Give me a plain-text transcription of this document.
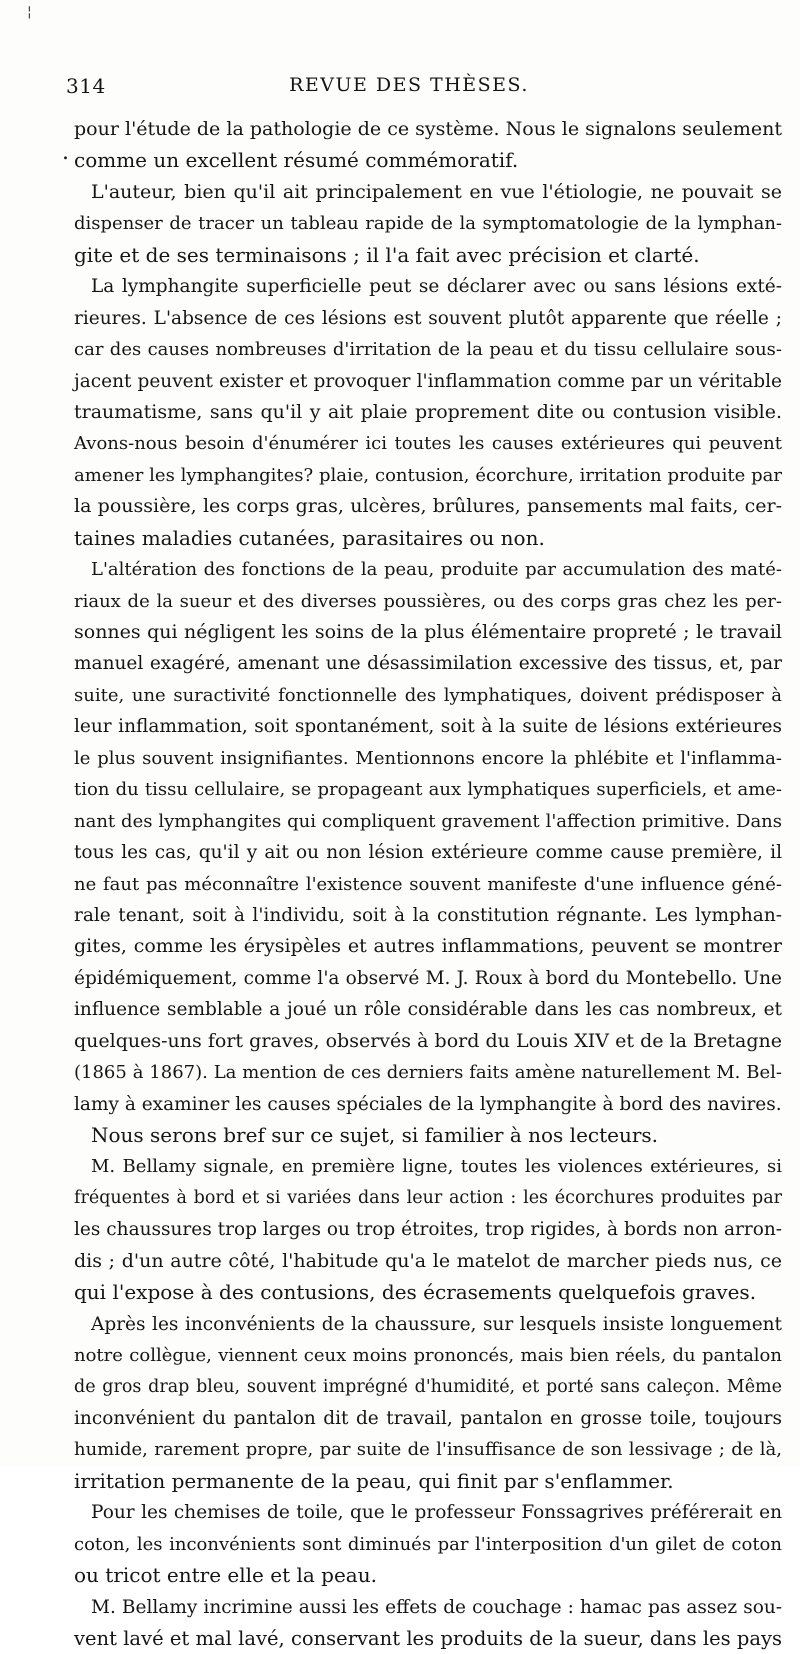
¦
314	REVUE DES THÈSES.
.
pour l'étude de la pathologie de ce système. Nous le signalons seulement
comme un excellent résumé commémoratif.
L'auteur, bien qu'il ait principalement en vue l'étiologie, ne pouvait se
dispenser de tracer un tableau rapide de la symptomatologie de la lymphan-
gite et de ses terminaisons ; il l'a fait avec précision et clarté.
La lymphangite superficielle peut se déclarer avec ou sans lésions exté-
rieures. L'absence de ces lésions est souvent plutôt apparente que réelle ;
car des causes nombreuses d'irritation de la peau et du tissu cellulaire sous-
jacent peuvent exister et provoquer l'inflammation comme par un véritable
traumatisme, sans qu'il y ait plaie proprement dite ou contusion visible.
Avons-nous besoin d'énumérer ici toutes les causes extérieures qui peuvent
amener les lymphangites? plaie, contusion, écorchure, irritation produite par
la poussière, les corps gras, ulcères, brûlures, pansements mal faits, cer-
taines maladies cutanées, parasitaires ou non.
L'altération des fonctions de la peau, produite par accumulation des maté-
riaux de la sueur et des diverses poussières, ou des corps gras chez les per-
sonnes qui négligent les soins de la plus élémentaire propreté ; le travail
manuel exagéré, amenant une désassimilation excessive des tissus, et, par
suite, une suractivité fonctionnelle des lymphatiques, doivent prédisposer à
leur inflammation, soit spontanément, soit à la suite de lésions extérieures
le plus souvent insignifiantes. Mentionnons encore la phlébite et l'inflamma-
tion du tissu cellulaire, se propageant aux lymphatiques superficiels, et ame-
nant des lymphangites qui compliquent gravement l'affection primitive. Dans
tous les cas, qu'il y ait ou non lésion extérieure comme cause première, il
ne faut pas méconnaître l'existence souvent manifeste d'une influence géné-
rale tenant, soit à l'individu, soit à la constitution régnante. Les lymphan-
gites, comme les érysipèles et autres inflammations, peuvent se montrer
épidémiquement, comme l'a observé M. J. Roux à bord du Montebello. Une
influence semblable a joué un rôle considérable dans les cas nombreux, et
quelques-uns fort graves, observés à bord du Louis XIV et de la Bretagne
(1865 à 1867). La mention de ces derniers faits amène naturellement M. Bel-
lamy à examiner les causes spéciales de la lymphangite à bord des navires.
Nous serons bref sur ce sujet, si familier à nos lecteurs.
M. Bellamy signale, en première ligne, toutes les violences extérieures, si
fréquentes à bord et si variées dans leur action : les écorchures produites par
les chaussures trop larges ou trop étroites, trop rigides, à bords non arron-
dis ; d'un autre côté, l'habitude qu'a le matelot de marcher pieds nus, ce
qui l'expose à des contusions, des écrasements quelquefois graves.
Après les inconvénients de la chaussure, sur lesquels insiste longuement
notre collègue, viennent ceux moins prononcés, mais bien réels, du pantalon
de gros drap bleu, souvent imprégné d'humidité, et porté sans caleçon. Même
inconvénient du pantalon dit de travail, pantalon en grosse toile, toujours
humide, rarement propre, par suite de l'insuffisance de son lessivage ; de là,
irritation permanente de la peau, qui finit par s'enflammer.
Pour les chemises de toile, que le professeur Fonssagrives préférerait en
coton, les inconvénients sont diminués par l'interposition d'un gilet de coton
ou tricot entre elle et la peau.
M. Bellamy incrimine aussi les effets de couchage : hamac pas assez sou-
vent lavé et mal lavé, conservant les produits de la sueur, dans les pays
